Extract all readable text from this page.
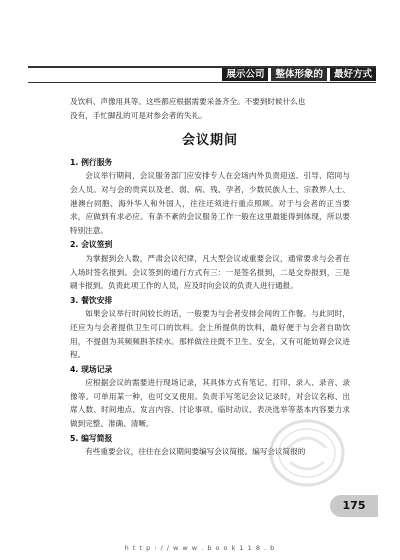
展示公司	整体形象的	最好方式

及饮料、声像用具等。这些都应根据需要采备齐全。不要到时候什么也

没有，手忙脚乱的可是对参会者的失礼。

会议期间
1. 例行服务

会议举行期间，会议服务部门应安排专人在会场内外负责迎送、引导、陪同与会人员。对与会的贵宾以及老、弱、病、残、孕者，少数民族人士、宗教界人士、港澳台同胞、海外华人和外国人，往往还须进行重点照顾。对于与会者的正当要求，应做到有求必应。有条不紊的会议服务工作一般在这里最能得到体现，所以要特别注意。

2. 会议签到

为掌握到会人数，严肃会议纪律，凡大型会议或重要会议，通常要求与会者在入场时签名报到。会议签到的通行方式有三：一是签名报到，二是交券报到，三是刷卡报到。负责此项工作的人员，应及时向会议的负责人进行通报。

3. 餐饮安排

如果会议举行时间较长的话，一般要为与会者安排会间的工作餐。与此同时，还应为与会者提供卫生可口的饮料。会上所提供的饮料，最好便于与会者自助饮用，不提倡为其频频斟茶续水。那样做往往既不卫生、安全，又有可能妨碍会议进程。

4. 现场记录

应根据会议的需要进行现场记录，其具体方式有笔记、打印、录入、录音、录像等。可单用某一种，也可交叉使用。负责手写笔记会议记录时，对会议名称、出席人数、时间地点、发言内容、讨论事项、临时动议、表决选举等基本内容要力求做到完整、准确、清晰。

5. 编写简报

有些重要会议，往往在会议期间要编写会议简报。编写会议简报的

175
h t t p : / / w w w . b o o k 1 1 8 . b
